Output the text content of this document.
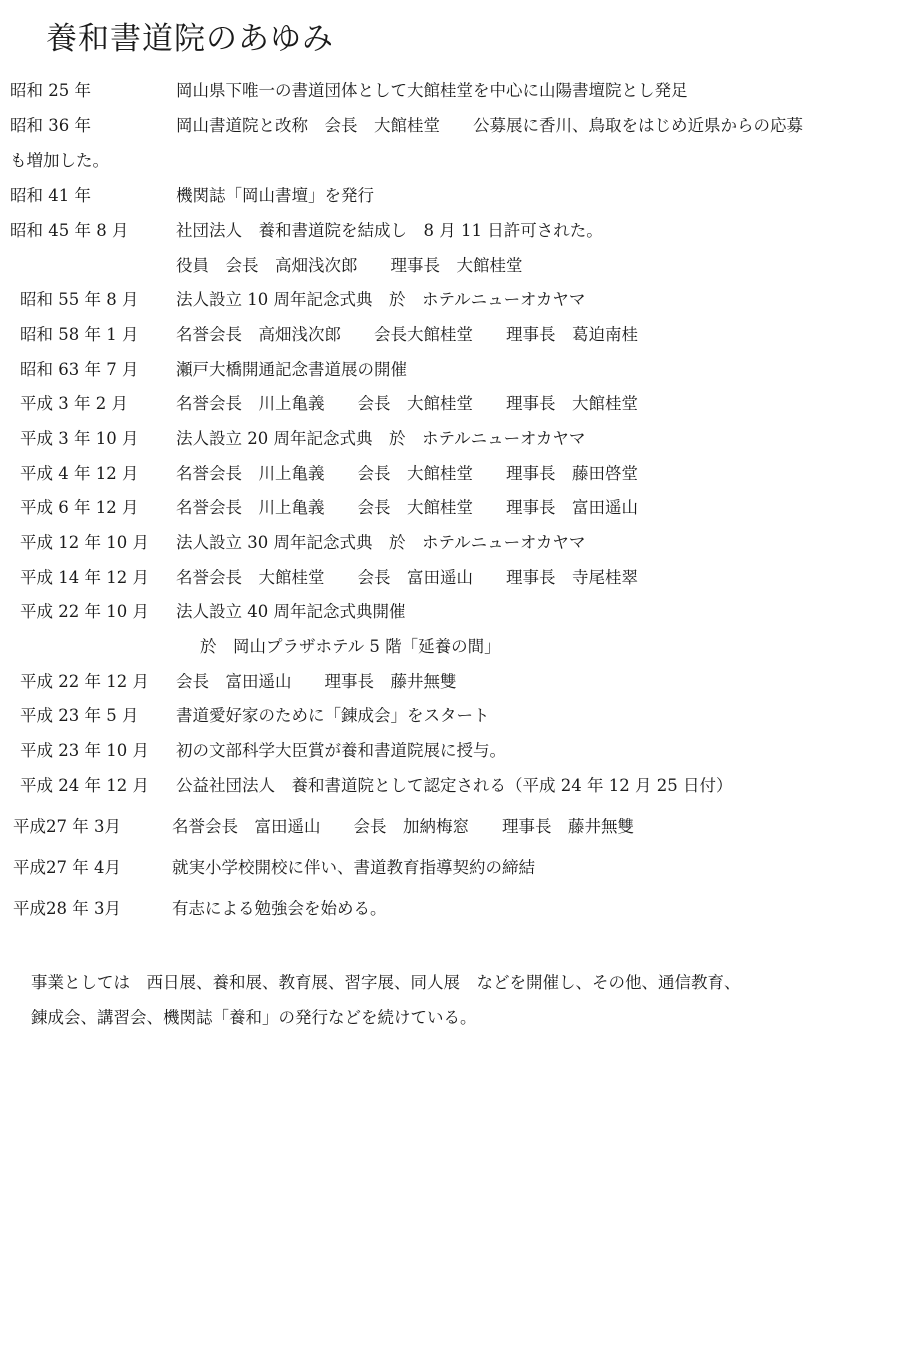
養和書道院のあゆみ
昭和 25 年	岡山県下唯一の書道団体として大館桂堂を中心に山陽書壇院とし発足
昭和 36 年	岡山書道院と改称　会長　大館桂堂　　公募展に香川、鳥取をはじめ近県からの応募
も増加した。
昭和 41 年	機関誌「岡山書壇」を発行
昭和 45 年 8 月	社団法人　養和書道院を結成し　8 月 11 日許可された。
役員　会長　高畑浅次郎　　理事長　大館桂堂
昭和 55 年 8 月 法人設立 10 周年記念式典　於　ホテルニューオカヤマ
昭和 58 年 1 月 名誉会長　高畑浅次郎　　会長大館桂堂　　理事長　葛迫南桂
昭和 63 年 7 月 瀬戸大橋開通記念書道展の開催
平成 3 年 2 月	名誉会長　川上亀義　　会長　大館桂堂　　理事長　大館桂堂
平成 3 年 10 月 法人設立 20 周年記念式典　於　ホテルニューオカヤマ
平成 4 年 12 月 名誉会長　川上亀義　　会長　大館桂堂　　理事長　藤田啓堂
平成 6 年 12 月 名誉会長　川上亀義　　会長　大館桂堂　　理事長　富田遥山
平成 12 年 10 月 法人設立 30 周年記念式典　於　ホテルニューオカヤマ
平成 14 年 12 月 名誉会長　大館桂堂　　会長　富田遥山　　理事長　寺尾桂翠
平成 22 年 10 月 法人設立 40 周年記念式典開催
於　岡山プラザホテル 5 階「延養の間」
平成 22 年 12 月 会長　富田遥山　　理事長　藤井無雙
平成 23 年 5 月 書道愛好家のために「錬成会」をスタート
平成 23 年 10 月 初の文部科学大臣賞が養和書道院展に授与。
平成 24 年 12 月 公益社団法人　養和書道院として認定される（平成 24 年 12 月 25 日付）
平成27 年 3月	名誉会長　富田遥山　　会長　加納梅窓　　理事長　藤井無雙
平成27 年 4月	就実小学校開校に伴い、書道教育指導契約の締結
平成28 年 3月	有志による勉強会を始める。
事業としては　西日展、養和展、教育展、習字展、同人展　などを開催し、その他、通信教育、
錬成会、講習会、機関誌「養和」の発行などを続けている。
